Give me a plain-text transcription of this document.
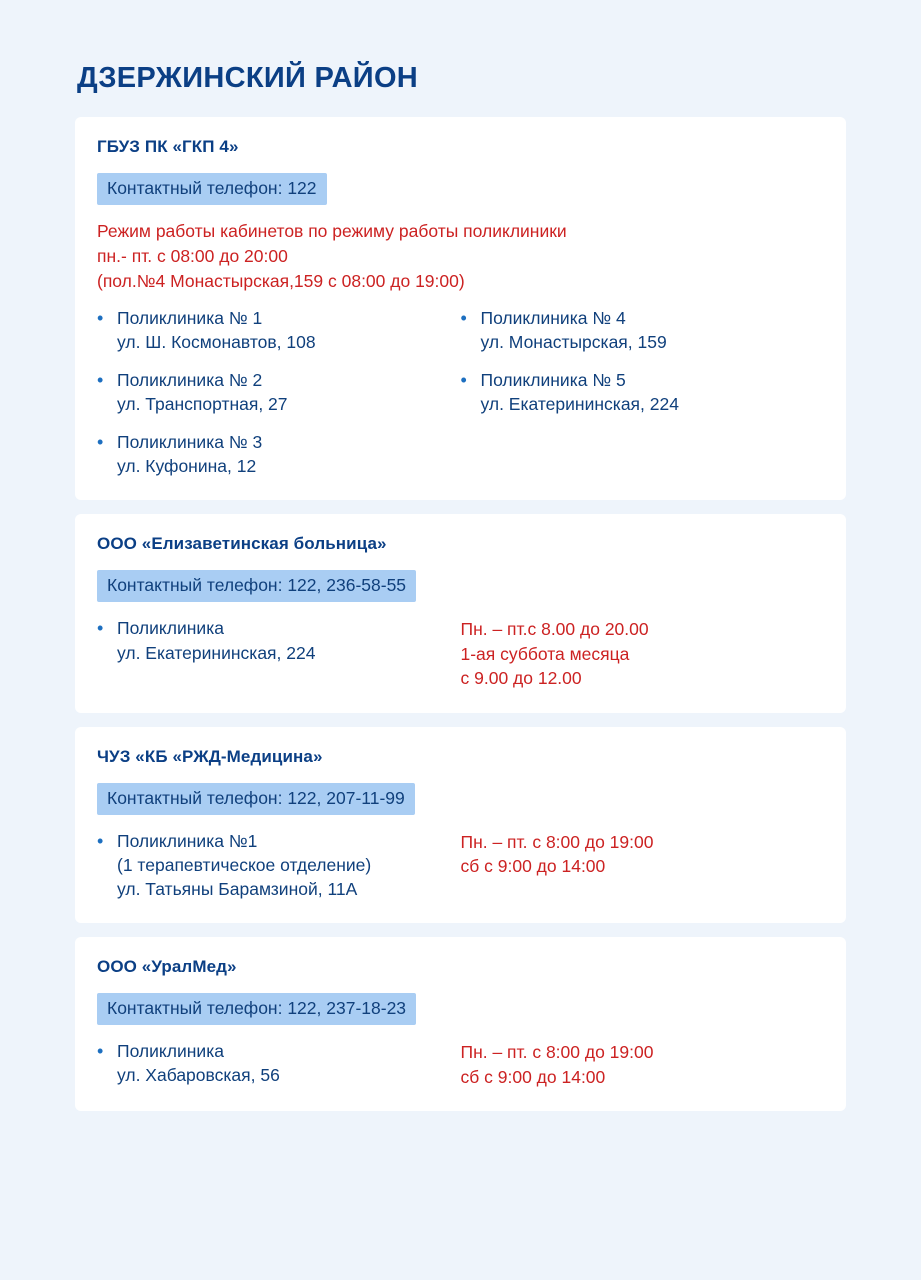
ДЗЕРЖИНСКИЙ РАЙОН
ГБУЗ ПК «ГКП 4»
Контактный телефон: 122
Режим работы кабинетов по режиму работы поликлиники
пн.- пт. с 08:00 до 20:00
(пол.№4 Монастырская,159 с 08:00 до 19:00)
• Поликлиника № 1
ул. Ш. Космонавтов, 108
• Поликлиника № 2
ул. Транспортная, 27
• Поликлиника № 3
ул. Куфонина, 12
• Поликлиника № 4
ул. Монастырская, 159
• Поликлиника № 5
ул. Екатерининская, 224
ООО «Елизаветинская больница»
Контактный телефон: 122, 236-58-55
• Поликлиника
ул. Екатерининская, 224
Пн. – пт.с 8.00 до 20.00
1-ая суббота месяца
с 9.00 до 12.00
ЧУЗ «КБ «РЖД-Медицина»
Контактный телефон: 122, 207-11-99
• Поликлиника №1
(1 терапевтическое отделение)
ул. Татьяны Барамзиной, 11А
Пн. – пт. с 8:00 до 19:00
сб с 9:00 до 14:00
ООО «УралМед»
Контактный телефон: 122, 237-18-23
• Поликлиника
ул. Хабаровская, 56
Пн. – пт. с 8:00 до 19:00
сб с 9:00 до 14:00
